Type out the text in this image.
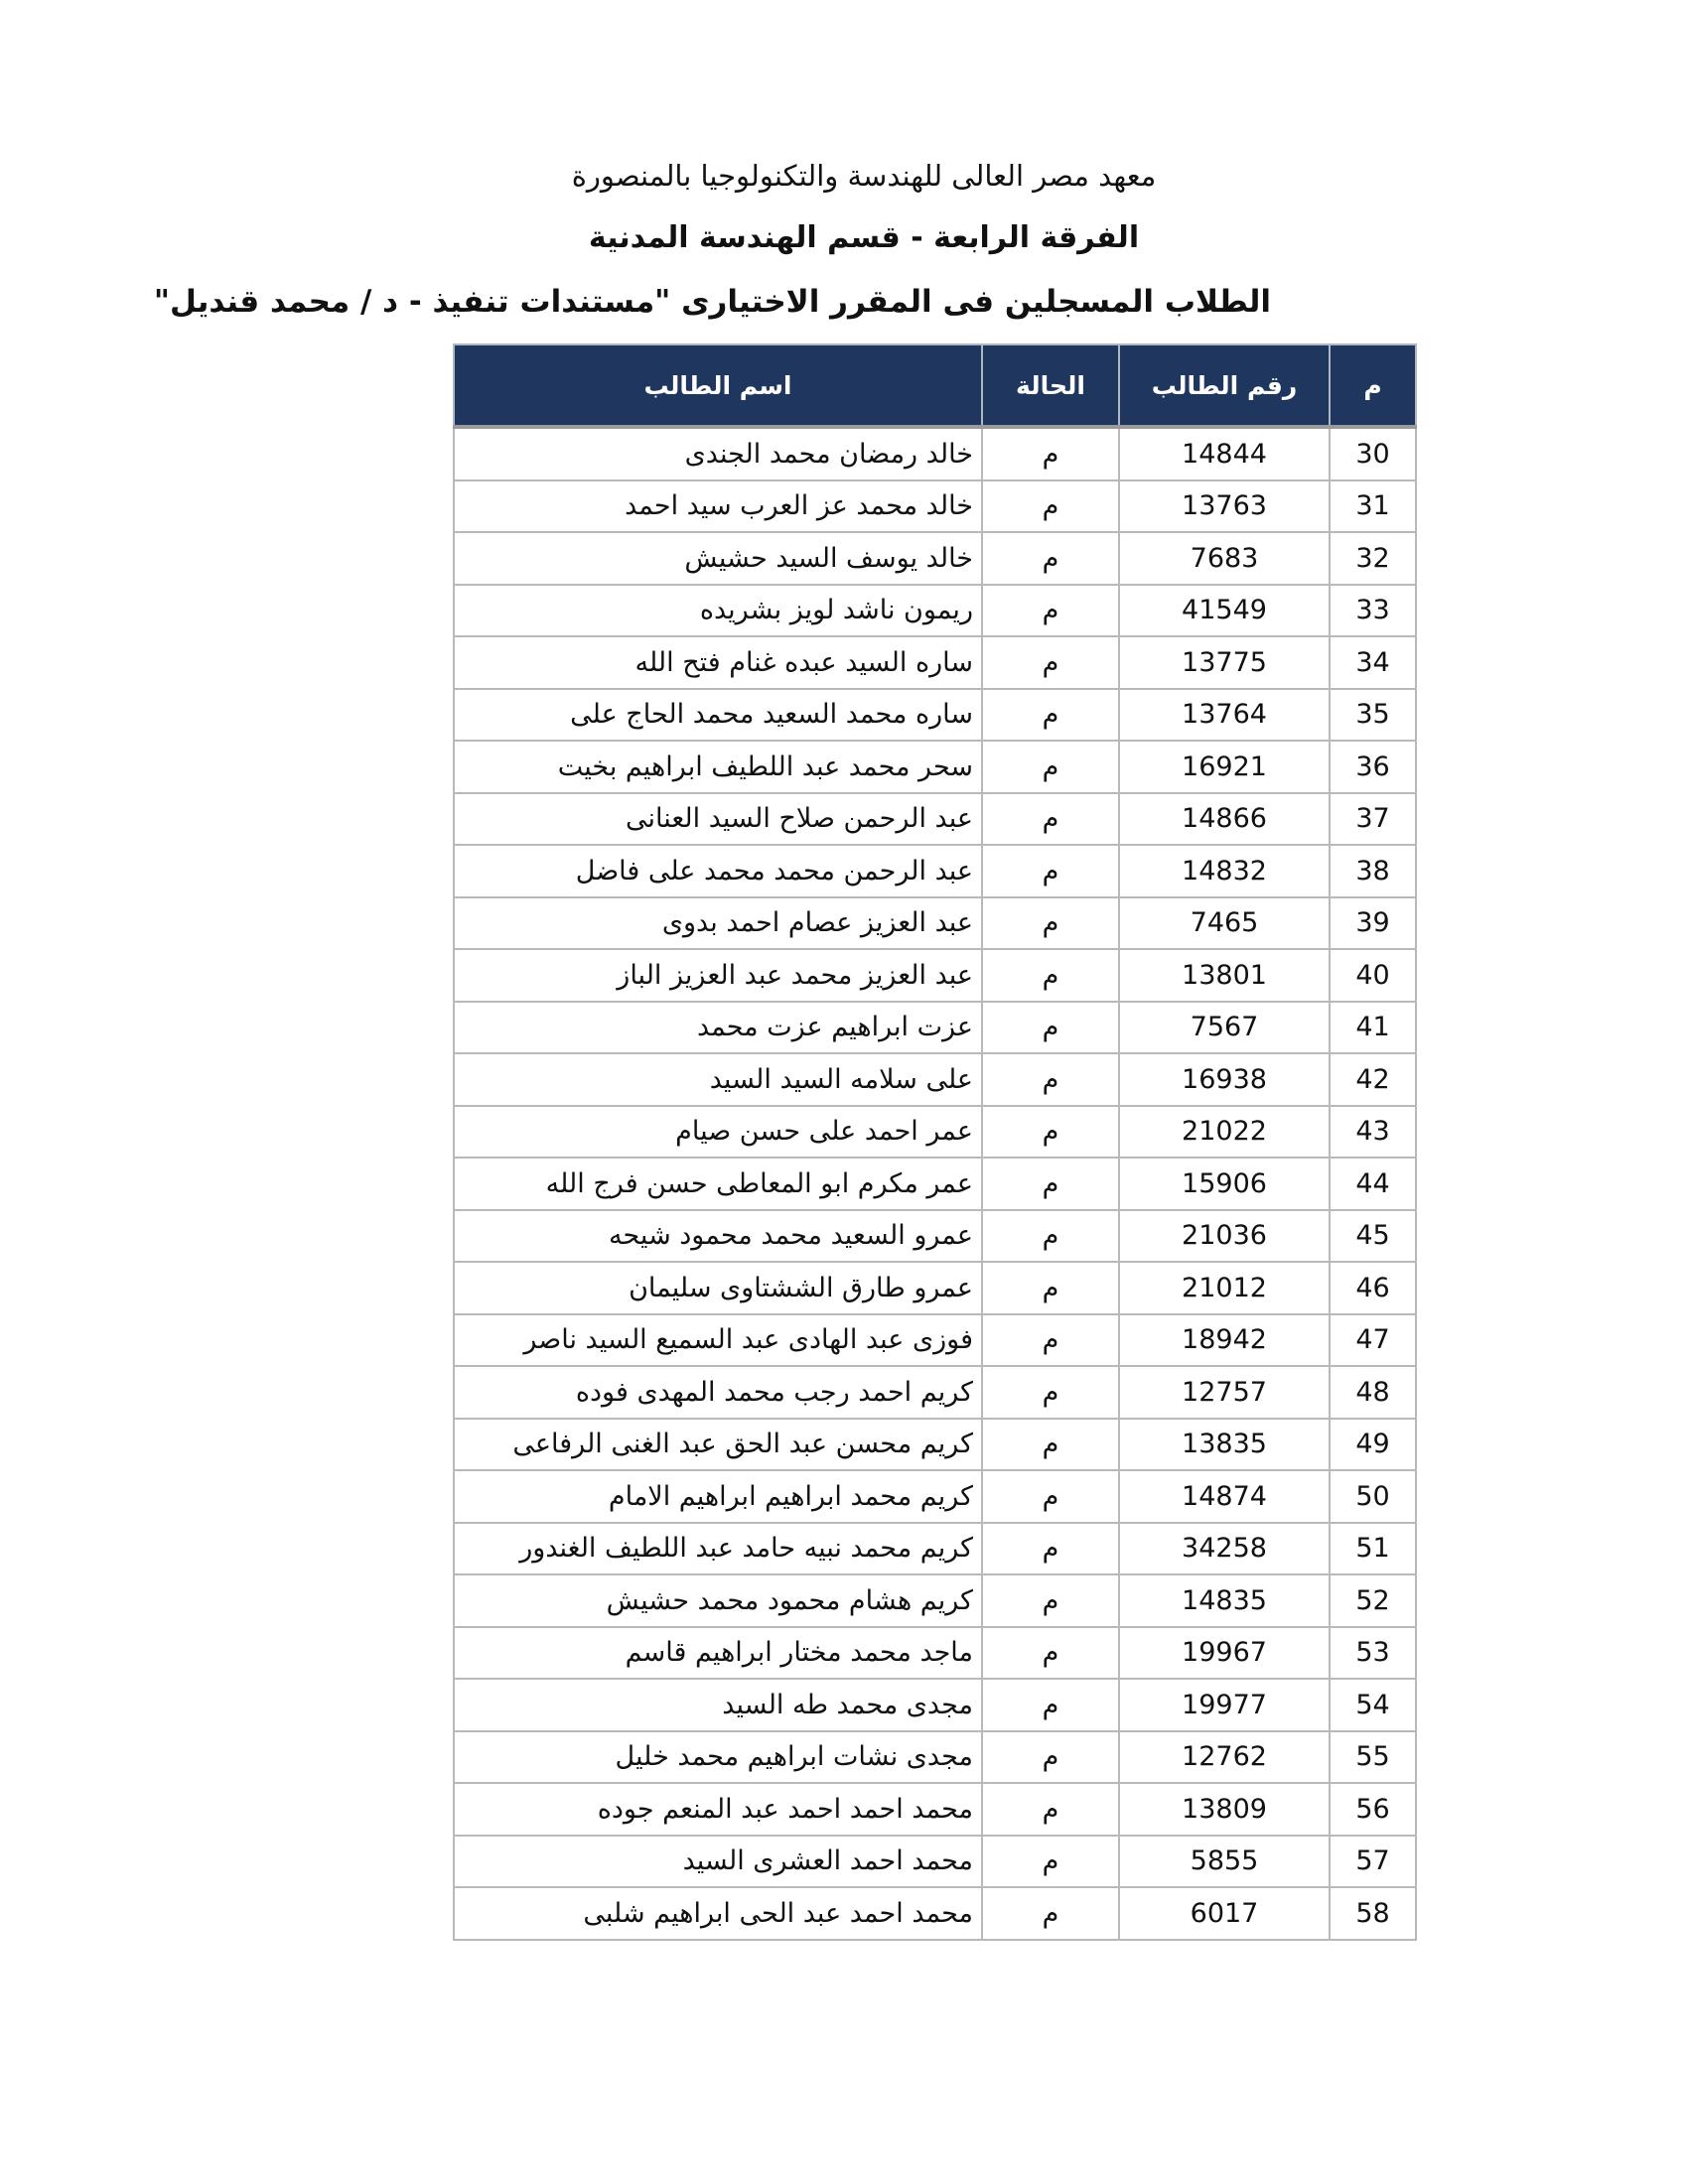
معهد مصر العالى للهندسة والتكنولوجيا بالمنصورة
الفرقة الرابعة - قسم الهندسة المدنية
الطلاب المسجلين فى المقرر الاختيارى "مستندات تنفيذ - د / محمد قنديل"
م	رقم الطالب	الحالة	اسم الطالب
30	14844	م	خالد رمضان محمد الجندى
31	13763	م	خالد محمد عز العرب سيد احمد
32	7683	م	خالد يوسف السيد حشيش
33	41549	م	ريمون ناشد لويز بشريده
34	13775	م	ساره السيد عبده غنام فتح الله
35	13764	م	ساره محمد السعيد محمد الحاج على
36	16921	م	سحر محمد عبد اللطيف ابراهيم بخيت
37	14866	م	عبد الرحمن صلاح السيد العنانى
38	14832	م	عبد الرحمن محمد محمد على فاضل
39	7465	م	عبد العزيز عصام احمد بدوى
40	13801	م	عبد العزيز محمد عبد العزيز الباز
41	7567	م	عزت ابراهيم عزت محمد
42	16938	م	على سلامه السيد السيد
43	21022	م	عمر احمد على حسن صيام
44	15906	م	عمر مكرم ابو المعاطى حسن فرج الله
45	21036	م	عمرو السعيد محمد محمود شيحه
46	21012	م	عمرو طارق الششتاوى سليمان
47	18942	م	فوزى عبد الهادى عبد السميع السيد ناصر
48	12757	م	كريم احمد رجب محمد المهدى فوده
49	13835	م	كريم محسن عبد الحق عبد الغنى الرفاعى
50	14874	م	كريم محمد ابراهيم ابراهيم الامام
51	34258	م	كريم محمد نبيه حامد عبد اللطيف الغندور
52	14835	م	كريم هشام محمود محمد حشيش
53	19967	م	ماجد محمد مختار ابراهيم قاسم
54	19977	م	مجدى محمد طه السيد
55	12762	م	مجدى نشات ابراهيم محمد خليل
56	13809	م	محمد احمد احمد عبد المنعم جوده
57	5855	م	محمد احمد العشرى السيد
58	6017	م	محمد احمد عبد الحى ابراهيم شلبى
